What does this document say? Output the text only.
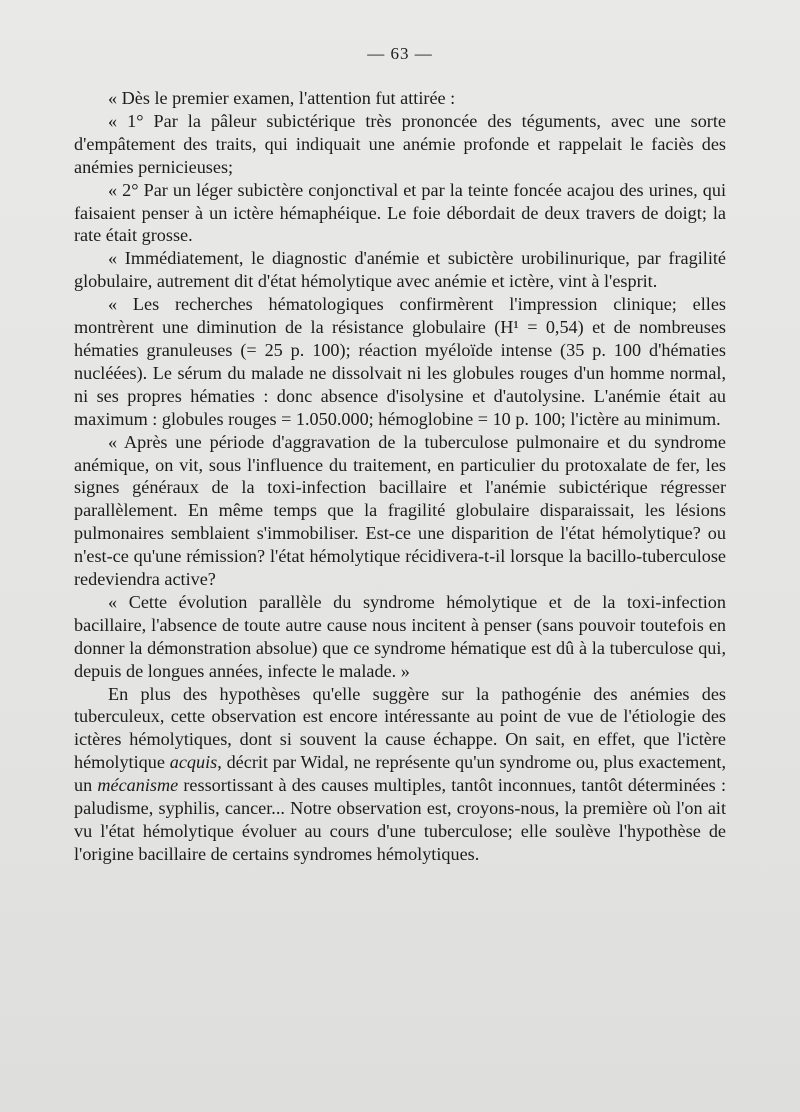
— 63 —

« Dès le premier examen, l'attention fut attirée :

« 1° Par la pâleur subictérique très prononcée des téguments, avec une sorte d'empâtement des traits, qui indiquait une anémie profonde et rappelait le faciès des anémies pernicieuses;

« 2° Par un léger subictère conjonctival et par la teinte foncée acajou des urines, qui faisaient penser à un ictère hémaphéique. Le foie débordait de deux travers de doigt; la rate était grosse.

« Immédiatement, le diagnostic d'anémie et subictère urobilinurique, par fragilité globulaire, autrement dit d'état hémolytique avec anémie et ictère, vint à l'esprit.

« Les recherches hématologiques confirmèrent l'impression clinique; elles montrèrent une diminution de la résistance globulaire (H¹ = 0,54) et de nombreuses hématies granuleuses (= 25 p. 100); réaction myéloïde intense (35 p. 100 d'hématies nucléées). Le sérum du malade ne dissolvait ni les globules rouges d'un homme normal, ni ses propres hématies : donc absence d'isolysine et d'autolysine. L'anémie était au maximum : globules rouges = 1.050.000; hémoglobine = 10 p. 100; l'ictère au minimum.

« Après une période d'aggravation de la tuberculose pulmonaire et du syndrome anémique, on vit, sous l'influence du traitement, en particulier du protoxalate de fer, les signes généraux de la toxi-infection bacillaire et l'anémie subictérique régresser parallèlement. En même temps que la fragilité globulaire disparaissait, les lésions pulmonaires semblaient s'immobiliser. Est-ce une disparition de l'état hémolytique? ou n'est-ce qu'une rémission? l'état hémolytique récidivera-t-il lorsque la bacillo-tuberculose redeviendra active?

« Cette évolution parallèle du syndrome hémolytique et de la toxi-infection bacillaire, l'absence de toute autre cause nous incitent à penser (sans pouvoir toutefois en donner la démonstration absolue) que ce syndrome hématique est dû à la tuberculose qui, depuis de longues années, infecte le malade. »

En plus des hypothèses qu'elle suggère sur la pathogénie des anémies des tuberculeux, cette observation est encore intéressante au point de vue de l'étiologie des ictères hémolytiques, dont si souvent la cause échappe. On sait, en effet, que l'ictère hémolytique acquis, décrit par Widal, ne représente qu'un syndrome ou, plus exactement, un mécanisme ressortissant à des causes multiples, tantôt inconnues, tantôt déterminées : paludisme, syphilis, cancer... Notre observation est, croyons-nous, la première où l'on ait vu l'état hémolytique évoluer au cours d'une tuberculose; elle soulève l'hypothèse de l'origine bacillaire de certains syndromes hémolytiques.
